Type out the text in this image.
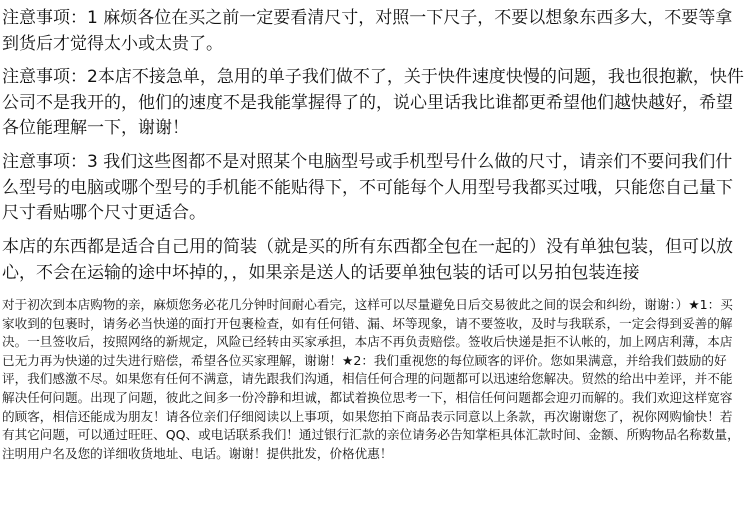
注意事项：1 麻烦各位在买之前一定要看清尺寸，对照一下尺子，不要以想象东西多大，不要等拿到货后才觉得太小或太贵了。

注意事项：2本店不接急单，急用的单子我们做不了，关于快件速度快慢的问题，我也很抱歉，快件公司不是我开的，他们的速度不是我能掌握得了的，说心里话我比谁都更希望他们越快越好，希望各位能理解一下，谢谢！

注意事项：3 我们这些图都不是对照某个电脑型号或手机型号什么做的尺寸，请亲们不要问我们什么型号的电脑或哪个型号的手机能不能贴得下，不可能每个人用型号我都买过哦，只能您自己量下尺寸看贴哪个尺寸更适合。

本店的东西都是适合自己用的简装（就是买的所有东西都全包在一起的）没有单独包装，但可以放心，不会在运输的途中坏掉的，，如果亲是送人的话要单独包装的话可以另拍包装连接

对于初次到本店购物的亲，麻烦您务必花几分钟时间耐心看完，这样可以尽量避免日后交易彼此之间的误会和纠纷，谢谢：）★1：买家收到的包裹时，请务必当快递的面打开包裹检查，如有任何错、漏、坏等现象，请不要签收，及时与我联系，一定会得到妥善的解决。一旦签收后，按照网络的新规定，风险已经转由买家承担，本店不再负责赔偿。签收后快递是拒不认帐的，加上网店利薄，本店已无力再为快递的过失进行赔偿，希望各位买家理解，谢谢！★2：我们重视您的每位顾客的评价。您如果满意，并给我们鼓励的好评，我们感激不尽。如果您有任何不满意，请先跟我们沟通，相信任何合理的问题都可以迅速给您解决。贸然的给出中差评，并不能解决任何问题。出现了问题，彼此之间多一份冷静和坦诚，都试着换位思考一下，相信任何问题都会迎刃而解的。我们欢迎这样宽容的顾客，相信还能成为朋友！请各位亲们仔细阅读以上事项，如果您拍下商品表示同意以上条款，再次谢谢您了，祝你网购愉快！若有其它问题，可以通过旺旺、QQ、或电话联系我们！通过银行汇款的亲位请务必告知掌柜具体汇款时间、金额、所购物品名称数量，注明用户名及您的详细收货地址、电话。谢谢！提供批发，价格优惠！
